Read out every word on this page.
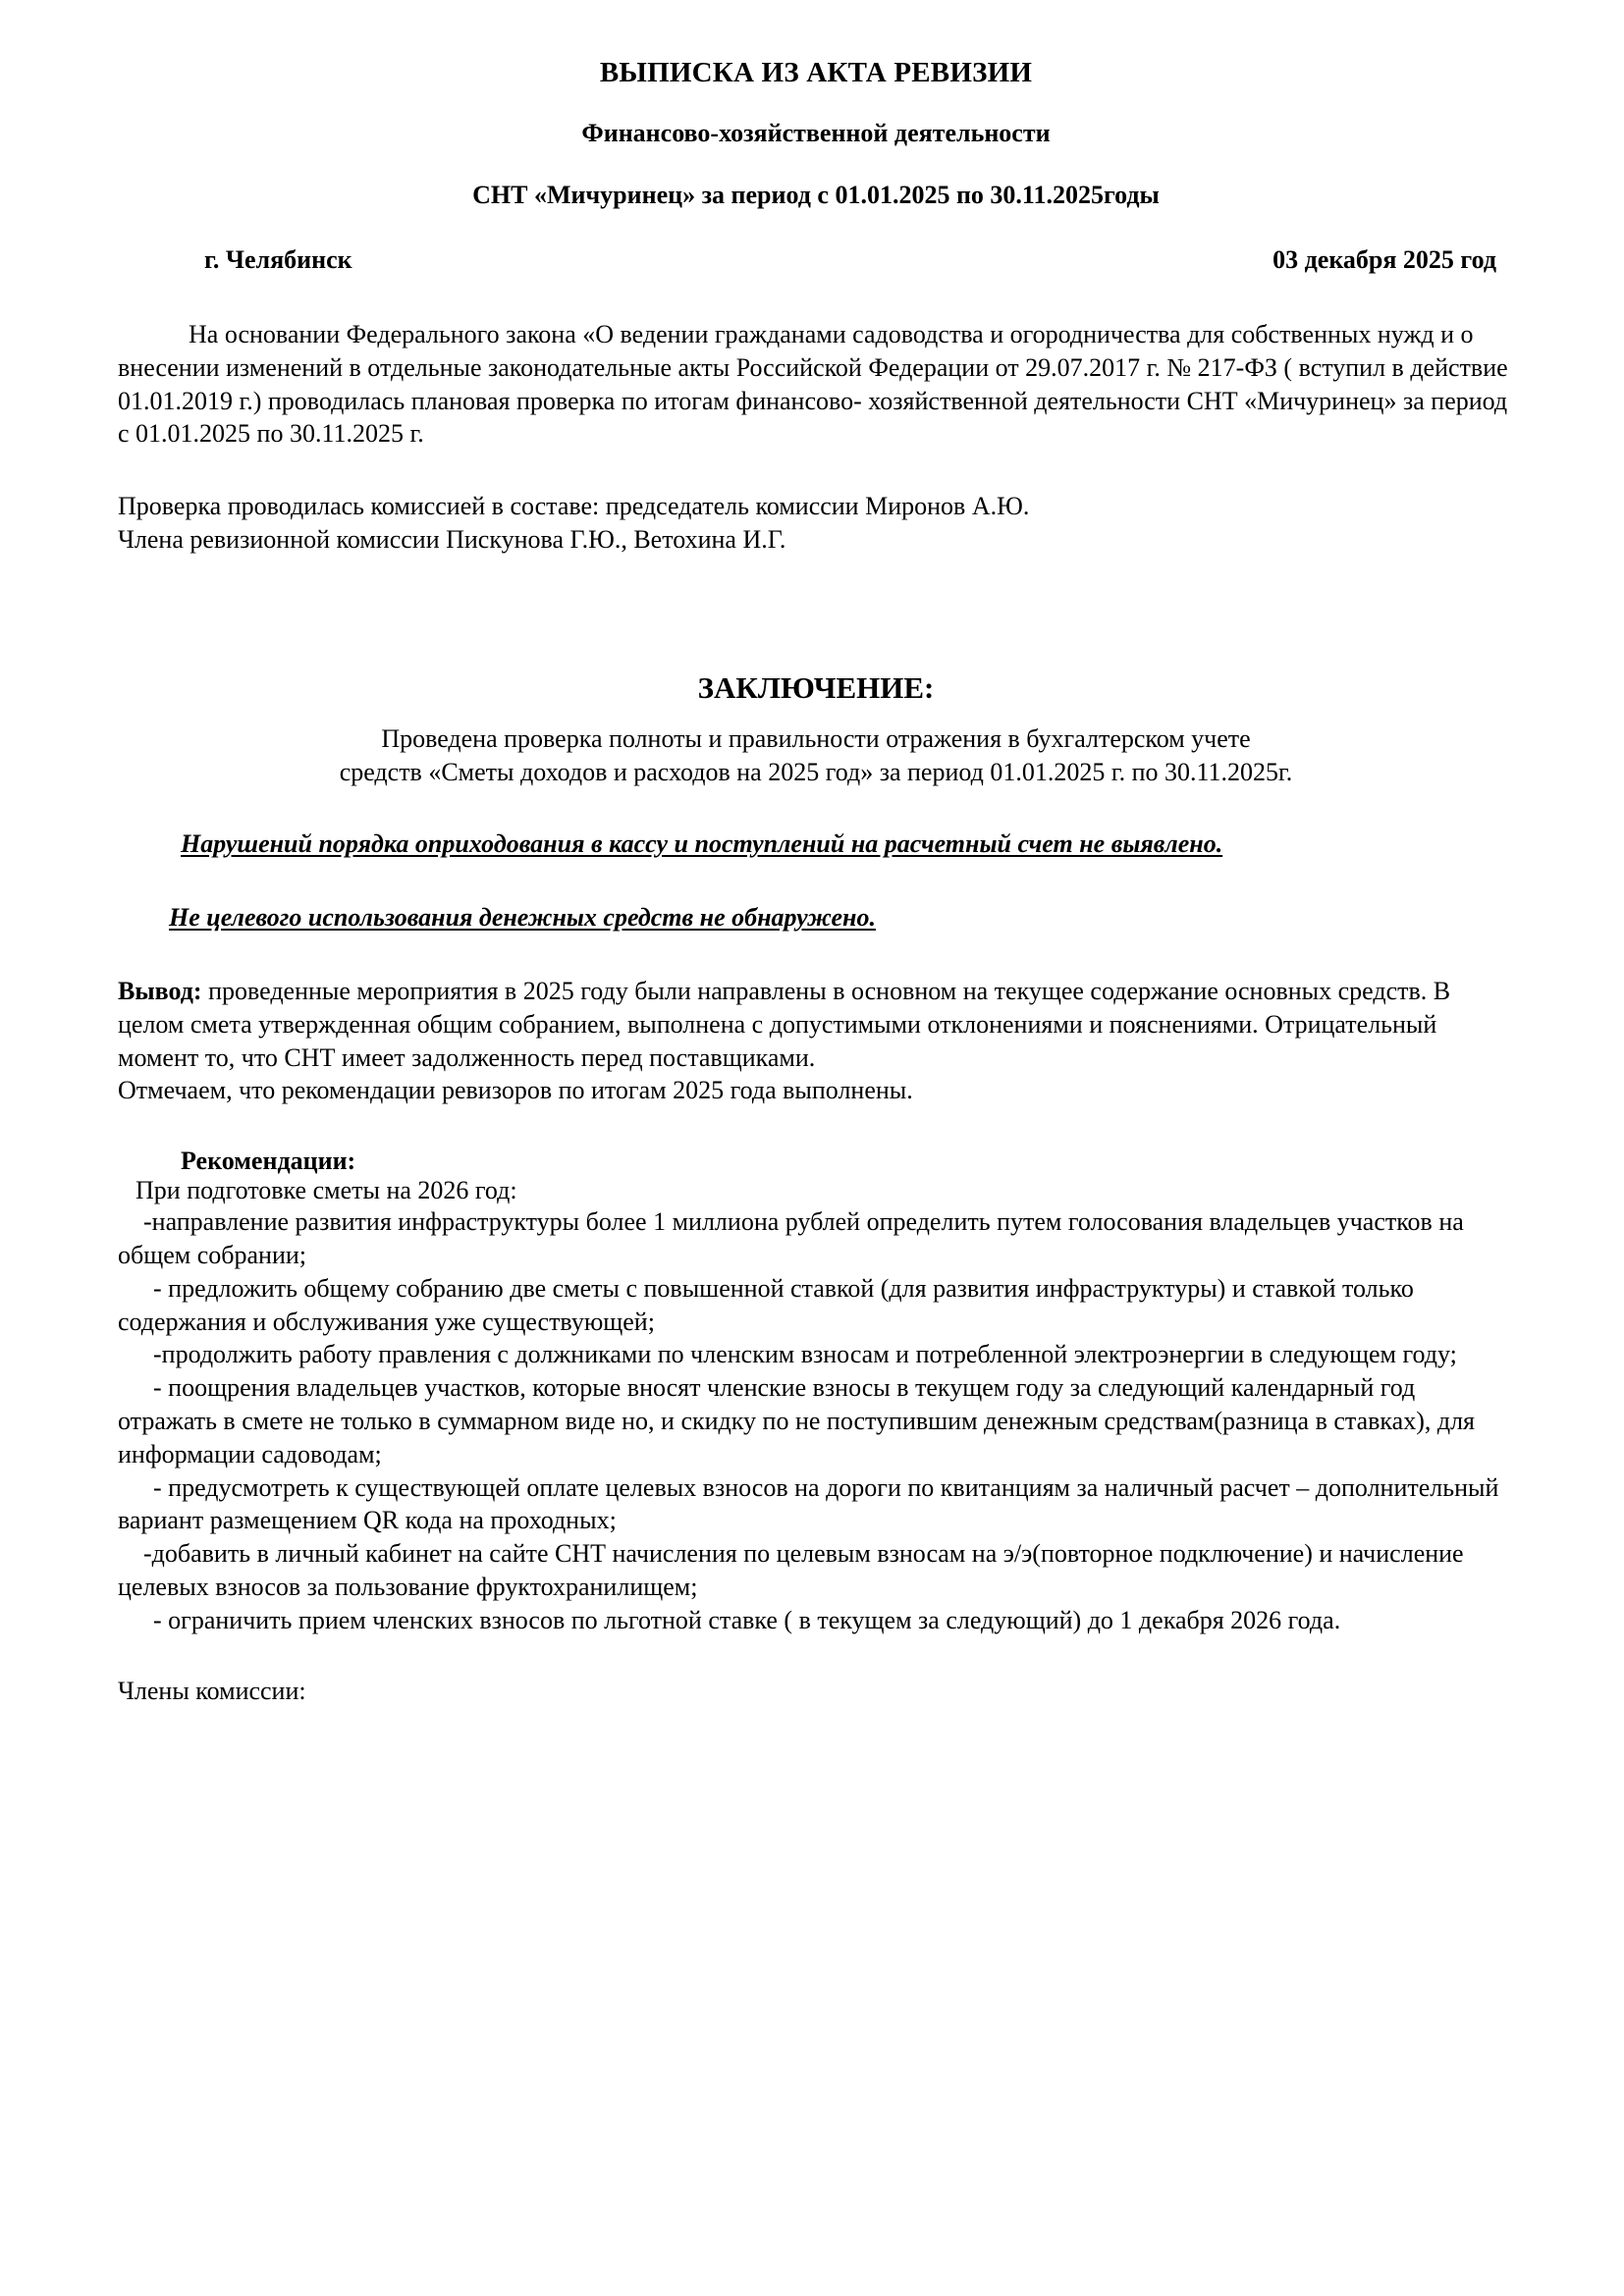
ВЫПИСКА ИЗ АКТА РЕВИЗИИ
Финансово-хозяйственной деятельности
СНТ «Мичуринец» за период с 01.01.2025 по 30.11.2025годы
г. Челябинск	03 декабря 2025 год

На основании Федерального закона «О ведении гражданами садоводства и огородничества для собственных нужд и о внесении изменений в отдельные законодательные акты Российской Федерации от 29.07.2017 г. № 217-ФЗ ( вступил в действие 01.01.2019 г.) проводилась плановая проверка по итогам финансово- хозяйственной деятельности СНТ «Мичуринец» за период с 01.01.2025 по 30.11.2025 г.

Проверка проводилась комиссией в составе: председатель комиссии Миронов А.Ю.

Члена ревизионной комиссии Пискунова Г.Ю., Ветохина И.Г.

ЗАКЛЮЧЕНИЕ:

Проведена проверка полноты и правильности отражения в бухгалтерском учете

средств «Сметы доходов и расходов на 2025 год» за период 01.01.2025 г. по 30.11.2025г.

Нарушений порядка оприходования в кассу и поступлений на расчетный счет не выявлено.

Не целевого использования денежных средств не обнаружено.

Вывод: проведенные мероприятия в 2025 году были направлены в основном на текущее содержание основных средств. В целом смета утвержденная общим собранием, выполнена с допустимыми отклонениями и пояснениями. Отрицательный момент то, что СНТ имеет задолженность перед поставщиками.

Отмечаем, что рекомендации ревизоров по итогам 2025 года выполнены.

Рекомендации:

При подготовке сметы на 2026 год:

-направление развития инфраструктуры более 1 миллиона рублей определить путем голосования владельцев участков на общем собрании;

- предложить общему собранию две сметы с повышенной ставкой (для развития инфраструктуры) и ставкой только содержания и обслуживания уже существующей;

-продолжить работу правления с должниками по членским взносам и потребленной электроэнергии в следующем году;

- поощрения владельцев участков, которые вносят членские взносы в текущем году за следующий календарный год отражать в смете не только в суммарном виде но, и скидку по не поступившим денежным средствам(разница в ставках), для информации садоводам;

- предусмотреть к существующей оплате целевых взносов на дороги по квитанциям за наличный расчет – дополнительный вариант размещением QR кода на проходных;

-добавить в личный кабинет на сайте СНТ начисления по целевым взносам на э/э(повторное подключение) и начисление целевых взносов за пользование фруктохранилищем;

- ограничить прием членских взносов по льготной ставке ( в текущем за следующий) до 1 декабря 2026 года.

Члены комиссии:
